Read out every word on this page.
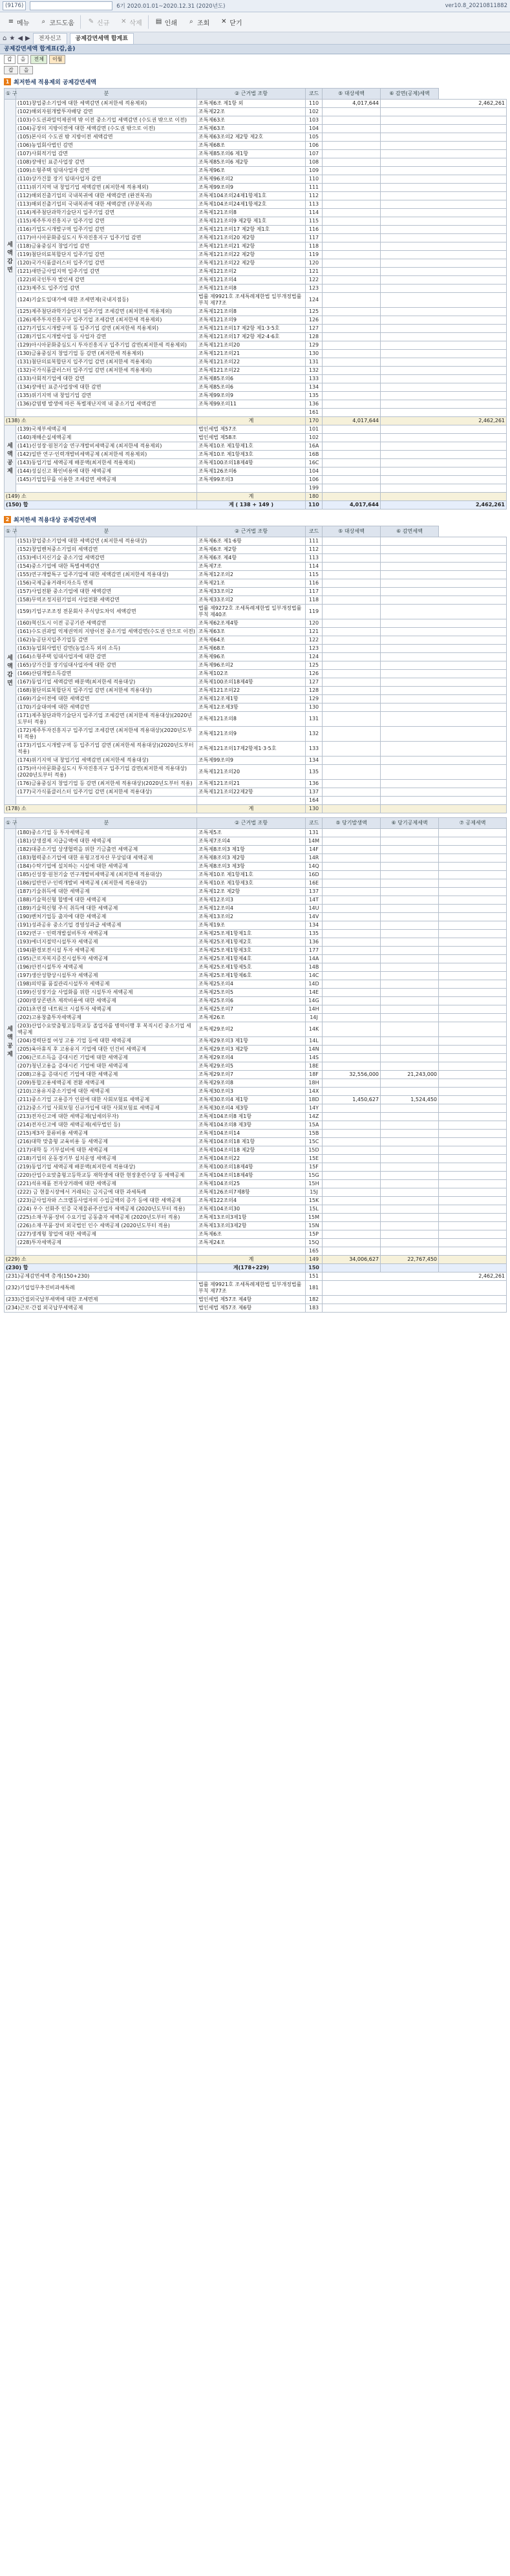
(9176)	6기 2020.01.01~2020.12.31 (2020년도)	ver10.8_20210811882
≡ 메뉴	⌕ 코드도움 ✎ 신규 ✕ 삭제 ▤ 인쇄	⌕ 조회 ✕ 닫기
⌂ ★ ◀ ▶	전자신고	공제감면세액 합계표
공제감면세액 합계표(갑,을)
갑	을	전체	이월
갑	을
1 최저한세 적용제외 공제감면세액
① 구	분	② 근거법 조항	코드	⑤ 대상세액	⑥ 감면(공제)세액
세액감면	(101)창업중소기업에 대한 세액감면 (최저한세 적용제외)	조특제6조 제1항 외	110	4,017,644	2,462,261
	(102)해외자원개발투자배당 감면	조특제22조	102		
	(103)수도권과밀억제권역 밖 이전 중소기업 세액감면 (수도권 밖으로 이전)	조특제63조	103		
	(104)공장의 지방이전에 대한 세액감면 (수도권 밖으로 이전)	조특제63조	104		
	(105)본사의 수도권 밖 지방이전 세액감면	조특제63조의2 제2항 제2호	105		
	(106)농업회사법인 감면	조특제68조	106		
	(107)사회적기업 감면	조특제85조의6 제1항	107		
	(108)장애인 표준사업장 감면	조특제85조의6 제2항	108		
	(109)소형주택 임대사업자 감면	조특제96조	109		
	(110)상가건물 장기 임대사업자 감면	조특제96조의2	110		
	(111)위기지역 내 창업기업 세액감면 (최저한세 적용제외)	조특제99조의9	111		
	(112)해외진출기업의 국내복귀에 대한 세액감면 (완전복귀)	조특제104조의24제1항제1호	112		
	(113)해외진출기업의 국내복귀에 대한 세액감면 (부분복귀)	조특제104조의24제1항제2호	113		
	(114)제주첨단과학기술단지 입주기업 감면	조특제121조의8	114		
	(115)제주투자진흥지구 입주기업 감면	조특제121조의9 제2항 제1호	115		
	(116)기업도시개발구역 입주기업 감면	조특제121조의17 제2항 제1호	116		
	(117)아시아문화중심도시 투자진흥지구 입주기업 감면	조특제121조의20 제2항	117		
	(118)금융중심지 창업기업 감면	조특제121조의21 제2항	118		
	(119)첨단의료복합단지 입주기업 감면	조특제121조의22 제2항	119		
	(120)국가식품클러스터 입주기업 감면	조특제121조의22 제2항	120		
	(121)새만금사업지역 입주기업 감면	조특제121조의2	121		
	(122)외국인투자 법인세 감면	조특제121조의4	122		
	(123)제주도 입주기업 감면	조특제121조의8	123		
	(124)기술도입대가에 대한 조세면제(국내지점등)	법률 제9921호 조세특례제한법 일부개정법률 부칙 제77조	124		
	(125)제주첨단과학기술단지 입주기업 조세감면 (최저한세 적용제외)	조특제121조의8	125		
	(126)제주투자진흥지구 입주기업 조세감면 (최저한세 적용제외)	조특제121조의9	126		
	(127)기업도시개발구역 등 입주기업 감면 (최저한세 적용제외)	조특제121조의17 제2항 제1·3·5호	127		
	(128)기업도시개발사업 등 사업자 감면	조특제121조의17 제2항 제2·4·6호	128		
	(129)아시아문화중심도시 투자진흥지구 입주기업 감면(최저한세 적용제외)	조특제121조의20	129		
	(130)금융중심지 창업기업 등 감면 (최저한세 적용제외)	조특제121조의21	130		
	(131)첨단의료복합단지 입주기업 감면 (최저한세 적용제외)	조특제121조의22	131		
	(132)국가식품클러스터 입주기업 감면 (최저한세 적용제외)	조특제121조의22	132		
	(133)사회적기업에 대한 감면	조특제85조의6	133		
	(134)장애인 표준사업장에 대한 감면	조특제85조의6	134		
	(135)위기지역 내 창업기업 감면	조특제99조의9	135		
	(136)감염병 발생에 따른 특별재난지역 내 중소기업 세액감면	조특제99조의11	136		
			161		
(138) 소		계	170	4,017,644	2,462,261
세액공제	(139)국제부세액공제	법인세법 제57조	101		
	(140)재해손실세액공제	법인세법 제58조	102		
	(141)신성장·원천기술 연구개발비세액공제 (최저한세 적용제외)	조특제10조 제1항제1호	16A		
	(142)일반 연구·인력개발비세액공제 (최저한세 적용제외)	조특제10조 제1항제3호	16B		
	(143)동업기업 세액공제 배분액(최저한세 적용제외)	조특제100조의18제4항	16C		
	(144)성실신고 확인비용에 대한 세액공제	조특제126조의6	104		
	(145)기업업무를 이용한 조세감면 세액공제	조특제99조의3	106		
			199		
(149) 소		계	180		
(150) 합		계 ( 138 + 149 )	110	4,017,644	2,462,261
2 최저한세 적용대상 공제감면세액
① 구	분	② 근거법 조항	코드	⑤ 대상세액	⑥ 감면세액
세액감면	(151)창업중소기업에 대한 세액감면 (최저한세 적용대상)	조특제6조 제1·6항	111		
	(152)창업벤처중소기업의 세액감면	조특제6조 제2항	112		
	(153)에너지신기술 중소기업 세액감면	조특제6조 제4항	113		
	(154)중소기업에 대한 특별세액감면	조특제7조	114		
	(155)연구개발특구 입주기업에 대한 세액감면 (최저한세 적용대상)	조특제12조의2	115		
	(156)국제금융거래이자소득 면제	조특제21조	116		
	(157)사업전환 중소기업에 대한 세액감면	조특제33조의2	117		
	(158)무역조정지원기업의 사업전환 세액감면	조특제33조의2	118		
	(159)기업구조조정 전문회사 주식양도차익 세액감면	법률 제9272호 조세특례제한법 일부개정법률 부칙 제40조	119		
	(160)혁신도시 이전 공공기관 세액감면	조특제62조제4항	120		
	(161)수도권과밀 억제권역의 지방이전 중소기업 세액감면(수도권 안으로 이전)	조특제63조	121		
	(162)농공단지입주기업등 감면	조특제64조	122		
	(163)농업회사법인 감면(농업소득 외의 소득)	조특제68조	123		
	(164)소형주택 임대사업자에 대한 감면	조특제96조	124		
	(165)상가건물 장기임대사업자에 대한 감면	조특제96조의2	125		
	(166)산림개발소득감면	조특제102조	126		
	(167)동업기업 세액감면 배분액(최저한세 적용대상)	조특제100조의18제4항	127		
	(168)첨단의료복합단지 입주기업 감면 (최저한세 적용대상)	조특제121조의22	128		
	(169)기술이전에 대한 세액감면	조특제12조제1항	129		
	(170)기술대여에 대한 세액감면	조특제12조제3항	130		
	(171)제주첨단과학기술단지 입주기업 조세감면 (최저한세 적용대상)(2020년도부터 적용)	조특제121조의8	131		
	(172)제주투자진흥지구 입주기업 조세감면 (최저한세 적용대상)(2020년도부터 적용)	조특제121조의9	132		
	(173)기업도시개발구역 등 입주기업 감면 (최저한세 적용대상)(2020년도부터 적용)	조특제121조의17제2항제1·3·5호	133		
	(174)위기지역 내 창업기업 세액감면 (최저한세 적용대상)	조특제99조의9	134		
	(175)아시아문화중심도시 투자진흥지구 입주기업 감면(최저한세 적용대상)(2020년도부터 적용)	조특제121조의20	135		
	(176)금융중심지 창업기업 등 감면 (최저한세 적용대상)(2020년도부터 적용)	조특제121조의21	136		
	(177)국가식품클러스터 입주기업 감면 (최저한세 적용대상)	조특제121조의22제2항	137		
			164		
(178) 소		계	130		
① 구	분	② 근거법 조항	코드	⑤ 당기발생액	⑥ 당기공제세액	⑦ 공제세액
세액공제	(180)중소기업 등 투자세액공제	조특제5조	131			
	(181)상생결제 지급금액에 대한 세액공제	조특제7조의4	14M			
	(182)대중소기업 상생협력을 위한 기금출연 세액공제	조특제8조의3 제1항	14F			
	(183)협력중소기업에 대한 유형고정자산 무상임대 세액공제	조특제8조의3 제2항	14R			
	(184)수탁기업에 설치하는 시설에 대한 세액공제	조특제8조의3 제3항	14Q			
	(185)신성장·원천기술 연구개발비세액공제 (최저한세 적용대상)	조특제10조 제1항제1호	16D			
	(186)일반연구·인력개발비 세액공제 (최저한세 적용대상)	조특제10조 제1항제3호	16E			
	(187)기술취득에 대한 세액공제	조특제12조 제2항	137			
	(188)기술혁신형 합병에 대한 세액공제	조특제12조의3	14T			
	(189)기술혁신형 주식 취득에 대한 세액공제	조특제12조의4	14U			
	(190)벤처기업등 출자에 대한 세액공제	조특제13조의2	14V			
	(191)성과공유 중소기업 경영성과급 세액공제	조특제19조	134			
	(192)연구ㆍ인력개발설비투자 세액공제	조특제25조제1항제1호	135			
	(193)에너지절약시설투자 세액공제	조특제25조제1항제2호	136			
	(194)환경보전시설 투자 세액공제	조특제25조제1항제3호	177			
	(195)근로자복지증진시설투자 세액공제	조특제25조제1항제4호	14A			
	(196)안전시설투자 세액공제	조특제25조제1항제5호	14B			
	(197)생산성향상시설투자 세액공제	조특제25조제1항제6호	14C			
	(198)의약품 품질관리시설투자 세액공제	조특제25조의4	14D			
	(199)신성장기술 사업화를 위한 시설투자 세액공제	조특제25조의5	14E			
	(200)영상콘텐츠 제작비용에 대한 세액공제	조특제25조의6	14G			
	(201)초연결 네트워크 시설투자 세액공제	조특제25조의7	14H			
	(202)고용창출투자세액공제	조특제26조	14J			
	(203)산업수요맞춤형고등학교등 졸업자를 병역이행 후 복직시킨 중소기업 세액공제	조특제29조의2	14K			
	(204)경력단절 여성 고용 기업 등에 대한 세액공제	조특제29조의3 제1항	14L			
	(205)육아휴직 후 고용유지 기업에 대한 인건비 세액공제	조특제29조의3 제2항	14N			
	(206)근로소득을 증대시킨 기업에 대한 세액공제	조특제29조의4	14S			
	(207)청년고용을 증대시킨 기업에 대한 세액공제	조특제29조의5	18E			
	(208)고용을 증대시킨 기업에 대한 세액공제	조특제29조의7	18F	32,556,000	21,243,000	
	(209)통합고용세액공제 전환 세액공제	조특제29조의8	18H			
	(210)고용유지중소기업에 대한 세액공제	조특제30조의3	14X			
	(211)중소기업 고용증가 인원에 대한 사회보험료 세액공제	조특제30조의4 제1항	18D	1,450,627	1,524,450	
	(212)중소기업 사회보험 신규가입에 대한 사회보험료 세액공제	조특제30조의4 제3항	14Y			
	(213)전자신고에 대한 세액공제(납세의무자)	조특제104조의8 제1항	14Z			
	(214)전자신고에 대한 세액공제(세무법인 등)	조특제104조의8 제3항	15A			
	(215)제3자 물류비용 세액공제	조특제104조의14	15B			
	(216)대학 맞춤형 교육비용 등 세액공제	조특제104조의18 제1항	15C			
	(217)대학 등 기부설비에 대한 세액공제	조특제104조의18 제2항	15D			
	(218)기업의 운동경기부 설치운영 세액공제	조특제104조의22	15E			
	(219)동업기업 세액공제 배분액(최저한세 적용대상)	조특제100조의18제4항	15F			
	(220)산업수요맞춤형고등학교등 재학생에 대한 현장훈련수당 등 세액공제	조특제104조의18제4항	15G			
	(221)석유제품 전자상거래에 대한 세액공제	조특제104조의25	15H			
	(222) 금 현물시장에서 거래되는 금지금에 대한 과세특례	조특제126조의7제8항	15J			
	(223)금사업자와 스크랩등사업자의 수입금액의 증가 등에 대한 세액공제	조특제122조의4	15K			
	(224) 우수 선화주 인증 국제물류주선업자 세액공제 (2020년도부터 적용)	조특제104조의30	15L			
	(225)소재·부품·장비 수요기업 공동출자 세액공제 (2020년도부터 적용)	조특제13조의3제1항	15M			
	(226)소재·부품·장비 외국법인 인수 세액공제 (2020년도부터 적용)	조특제13조의3제2항	15N			
	(227)생계형 창업에 대한 세액공제	조특제6조	15P			
	(228)투자세액공제	조특제24조	15Q			
			165			
(229) 소		계	149	34,006,627	22,767,450	
(230) 합		계(178+229)	150			
(231)공제감면세액 총계(150+230)			151	2,462,261		
(232)기업업무추진비과세특례		법률 제9921호 조세특례제한법 일부개정법률 부칙 제77조	181			
(233)간접외국납부세액에 대한 조세면제		법인세법 제57조 제4항	182			
(234)근로·간접 외국납부세액공제		법인세법 제57조 제6항	183			
